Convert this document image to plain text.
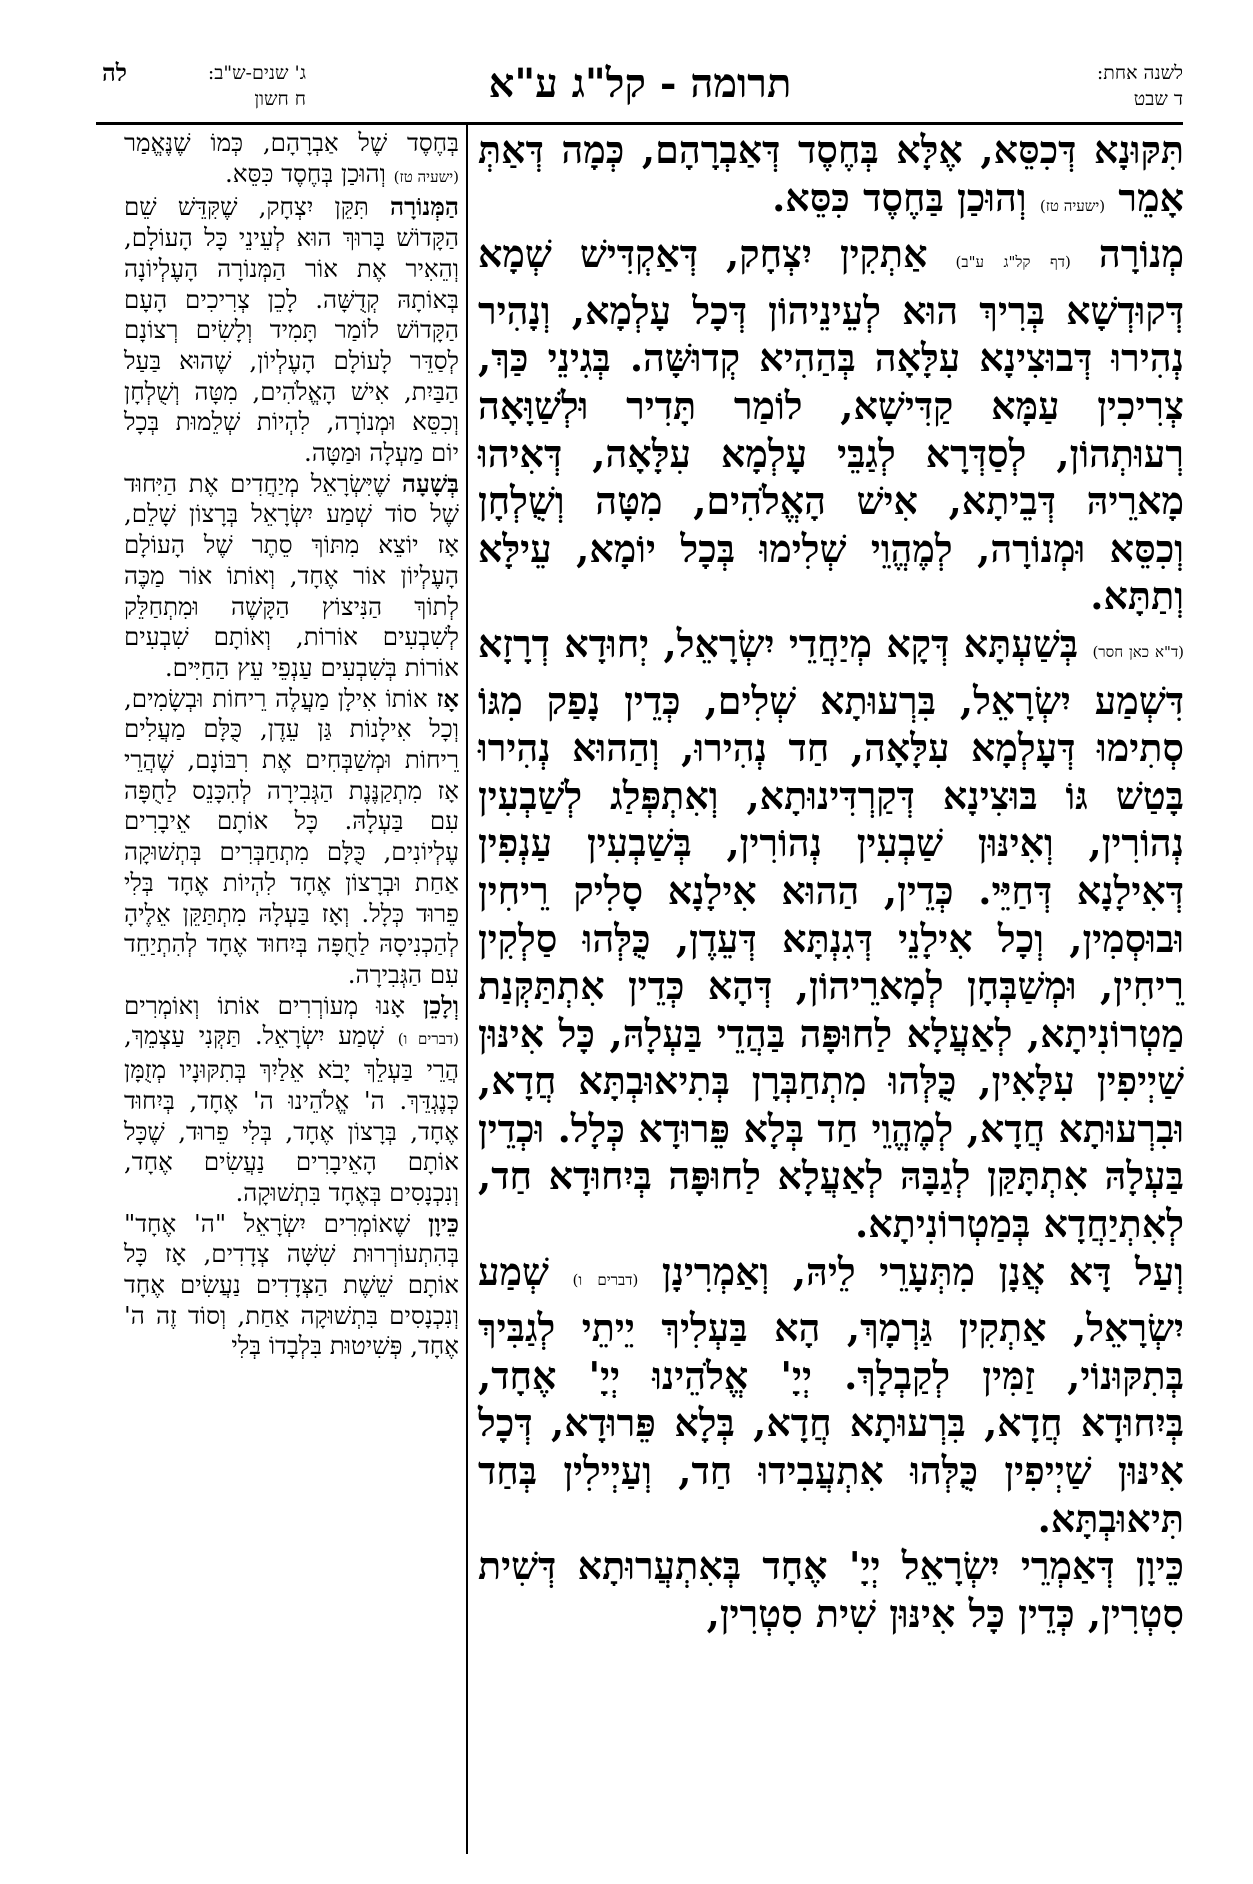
לשנה אחת:
ד שבט
תרומה - קל"ג ע"א
ג' שנים-ש"ב:
ח חשון
לה

תִּקּוּנָא דְּכִסֵּא, אֶלָּא בְּחֶסֶד דְּאַבְרָהָם, כְּמָה דְּאַתְּ אָמֵר (ישעיה טז) וְהוּכַן בַּחֶסֶד כִּסֵּא.

מְנוֹרָה (דף קל"ג ע"ב) אַתְקִין יִצְחָק, דְּאַקְדִּישׁ שְׁמָא דְּקוּדְשָׁא בְּרִיךְ הוּא לְעֵינֵיהוֹן דְּכָל עָלְמָא, וְנָהִיר נְהִירוּ דְּבוּצִינָא עִלָּאָה בְּהַהִיא קְדוּשָּׁה. בְּגִינֵי כַּךְ, צְרִיכִין עַמָּא קַדִּישָׁא, לוֹמַר תָּדִיר וּלְשַׁוָּאָה רְעוּתְהוֹן, לְסַדְּרָא לְגַבֵּי עָלְמָא עִלָּאָה, דְּאִיהוּ מָארֵיהּ דְּבֵיתָא, אִישׁ הָאֱלֹהִים, מִטָּה וְשֻׁלְחָן וְכִסֵּא וּמְנוֹרָה, לְמֶהֱוֵי שְׁלִימוּ בְּכָל יוֹמָא, עֵילָּא וְתַתָּא.

(ד"א כאן חסר) בְּשַׁעְתָּא דְּקָא מְיַחֲדֵי יִשְׂרָאֵל, יְחוּדָא דְרָזָא דִּשְׁמַע יִשְׂרָאֵל, בִּרְעוּתָא שְׁלִים, כְּדֵין נָפַק מִגּוֹ סְתִימוּ דְּעָלְמָא עִלָּאָה, חַד נְהִירוּ, וְהַהוּא נְהִירוּ בָּטַשׁ גּוֹ בּוּצִינָא דְּקַרְדִּינוּתָא, וְאִתְפְּלַג לְשַׁבְעִין נְהוֹרִין, וְאִינּוּן שַׁבְעִין נְהוֹרִין, בְּשַׁבְעִין עַנְפִין דְּאִילָנָא דְּחַיֵּי. כְּדֵין, הַהוּא אִילָנָא סָלִיק רֵיחִין וּבוּסְמִין, וְכָל אִילָנֵי דְּגִנְתָּא דְּעֵדֶן, כֻּלְּהוּ סַלְקִין רֵיחִין, וּמְשַׁבְּחָן לְמָארֵיהוֹן, דְּהָא כְּדֵין אִתְתַּקְּנַת מַטְרוֹנִיתָא, לְאַעֲלָא לַחוּפָּה בַּהֲדֵי בַּעְלָהּ, כָּל אִינּוּן שַׁיְיפִין עִלָּאִין, כֻּלְּהוּ מִתְחַבְּרָן בְּתִיאוּבְתָּא חֲדָא, וּבִרְעוּתָא חֲדָא, לְמֶהֱוֵי חַד בְּלָא פֵּרוּדָא כְּלָל. וּכְדֵין בַּעְלָהּ אִתְתָּקַּן לְגַבָּהּ לְאַעֲלָא לַחוּפָּה בְּיִחוּדָא חַד, לְאִתְיַחֲדָא בְּמַטְרוֹנִיתָא.

וְעַל דָּא אֲנָן מִתְּעָרֵי לֵיהּ, וְאַמְרִינָן (דברים ו) שְׁמַע יִשְׂרָאֵל, אַתְקִין גַּרְמָךְ, הָא בַּעְלִיךְ יֵיתֵי לְגַבִּיךְ בְּתִקּוּנוֹי, זַמִּין לְקַבְלָךְ. יְיָ' אֱלֹהֵינוּ יְיָ' אֶחָד, בְּיִחוּדָא חֲדָא, בִּרְעוּתָא חֲדָא, בְּלָא פֵּרוּדָא, דְּכָל אִינּוּן שַׁיְיפִין כֻּלְּהוּ אִתְעֲבִידוּ חַד, וְעַיְילִין בְּחַד תִּיאוּבְתָּא.

כֵּיוָן דְּאַמְרֵי יִשְׂרָאֵל יְיָ' אֶחָד בְּאִתְעֲרוּתָא דְּשִׁית סִטְרִין, כְּדֵין כָּל אִינּוּן שִׁית סִטְרִין,

בְּחֶסֶד שֶׁל אַבְרָהָם, כְּמוֹ שֶׁנֶּאֱמַר (ישעיה טז) וְהוּכַן בְּחֶסֶד כִּסֵּא.

הַמְּנוֹרָה תִּקֵּן יִצְחָק, שֶׁקִּדֵּשׁ שֵׁם הַקָּדוֹשׁ בָּרוּךְ הוּא לְעֵינֵי כָּל הָעוֹלָם, וְהֵאִיר אֶת אוֹר הַמְּנוֹרָה הָעֶלְיוֹנָה בְּאוֹתָהּ קְדֻשָּׁה. לָכֵן צְרִיכִים הָעָם הַקָּדוֹשׁ לוֹמַר תָּמִיד וְלָשִׂים רְצוֹנָם לְסַדֵּר לָעוֹלָם הָעֶלְיוֹן, שֶׁהוּא בַּעַל הַבַּיִת, אִישׁ הָאֱלֹהִים, מִטָּה וְשֻׁלְחָן וְכִסֵּא וּמְנוֹרָה, לִהְיוֹת שְׁלֵמוּת בְּכָל יוֹם מַעְלָה וּמַטָּה.

בְּשָׁעָה שֶׁיִּשְׂרָאֵל מְיַחֲדִים אֶת הַיִּחוּד שֶׁל סוֹד שְׁמַע יִשְׂרָאֵל בְּרָצוֹן שָׁלֵם, אָז יוֹצֵא מִתּוֹךְ סֵתֶר שֶׁל הָעוֹלָם הָעֶלְיוֹן אוֹר אֶחָד, וְאוֹתוֹ אוֹר מַכֶּה לְתוֹךְ הַנִּיצוֹץ הַקָּשֶׁה וּמִתְחַלֵּק לְשִׁבְעִים אוֹרוֹת, וְאוֹתָם שִׁבְעִים אוֹרוֹת בְּשִׁבְעִים עַנְפֵי עֵץ הַחַיִּים.

אָז אוֹתוֹ אִילָן מַעֲלֶה רֵיחוֹת וּבְשָׂמִים, וְכָל אִילָנוֹת גַּן עֵדֶן, כֻּלָּם מַעֲלִים רֵיחוֹת וּמְשַׁבְּחִים אֶת רִבּוֹנָם, שֶׁהֲרֵי אָז מִתְקַנֶּנֶת הַגְּבִירָה לְהִכָּנֵס לַחֻפָּה עִם בַּעְלָהּ. כָּל אוֹתָם אֵיבָרִים עֶלְיוֹנִים, כֻּלָּם מִתְחַבְּרִים בְּתְשׁוּקָה אַחַת וּבְרָצוֹן אֶחָד לִהְיוֹת אֶחָד בְּלִי פֵרוּד כְּלָל. וְאָז בַּעְלָהּ מִתְתַּקֵּן אֵלֶיהָ לְהַכְנִיסָהּ לַחֻפָּה בְּיִחוּד אֶחָד לְהִתְיַחֵד עִם הַגְּבִירָה.

וְלָכֵן אָנוּ מְעוֹרְרִים אוֹתוֹ וְאוֹמְרִים (דברים ו) שְׁמַע יִשְׂרָאֵל. תַּקְּנִי עַצְמֵךְ, הֲרֵי בַּעְלֵךְ יָבֹא אֵלַיִךְ בְּתִקּוּנָיו מְזֻמָּן כְּנֶגְדֵּךְ. ה' אֱלֹהֵינוּ ה' אֶחָד, בְּיִחוּד אֶחָד, בְּרָצוֹן אֶחָד, בְּלִי פֵרוּד, שֶׁכָּל אוֹתָם הָאֵיבָרִים נַעֲשִׂים אֶחָד, וְנִכְנָסִים בְּאֶחָד בִּתְשׁוּקָה.

כֵּיוָן שֶׁאוֹמְרִים יִשְׂרָאֵל "ה' אֶחָד" בְּהִתְעוֹרְרוּת שִׁשָּׁה צְדָדִים, אָז כָּל אוֹתָם שֵׁשֶׁת הַצְּדָדִים נַעֲשִׂים אֶחָד וְנִכְנָסִים בִּתְשׁוּקָה אַחַת, וְסוֹד זֶה ה' אֶחָד, פְּשִׁיטוּת בִּלְבָדוֹ בְּלִי
